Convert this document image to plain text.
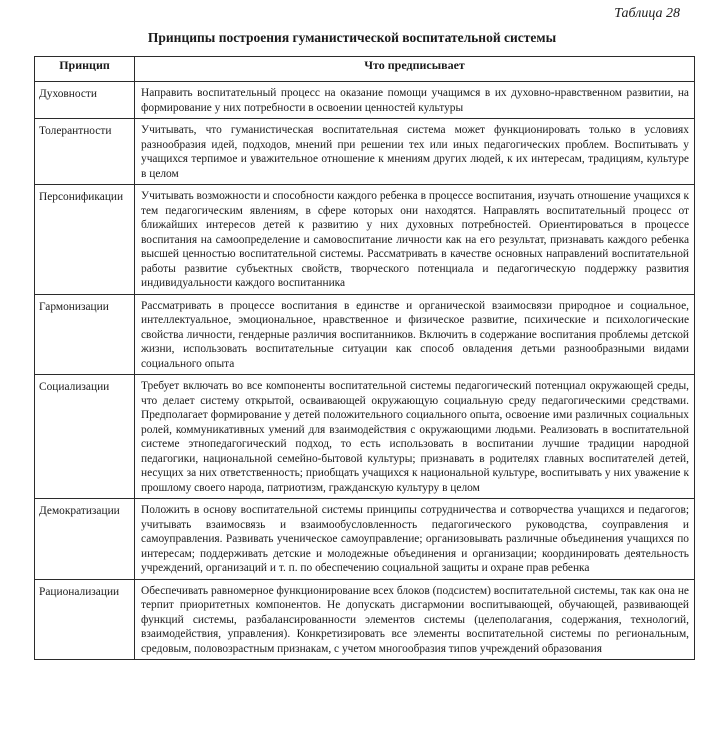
Таблица 28
Принципы построения гуманистической воспитательной системы
Принцип	Что предписывает
Духовности	Направить воспитательный процесс на оказание помощи учащимся в их духовно-нравственном развитии, на формирование у них потребности в освоении ценностей культуры
Толерантности	Учитывать, что гуманистическая воспитательная система может функционировать только в условиях разнообразия идей, подходов, мнений при решении тех или иных педагогических проблем. Воспитывать у учащихся терпимое и уважительное отношение к мнениям других людей, к их интересам, традициям, культуре в целом
Персонификации	Учитывать возможности и способности каждого ребенка в процессе воспитания, изучать отношение учащихся к тем педагогическим явлениям, в сфере которых они находятся. Направлять воспитательный процесс от ближайших интересов детей к развитию у них духовных потребностей. Ориентироваться в процессе воспитания на самоопределение и самовоспитание личности как на его результат, признавать каждого ребенка высшей ценностью воспитательной системы. Рассматривать в качестве основных направлений воспитательной работы развитие субъектных свойств, творческого потенциала и педагогическую поддержку развития индивидуальности каждого воспитанника
Гармонизации	Рассматривать в процессе воспитания в единстве и органической взаимосвязи природное и социальное, интеллектуальное, эмоциональное, нравственное и физическое развитие, психические и психологические свойства личности, гендерные различия воспитанников. Включить в содержание воспитания проблемы детской жизни, использовать воспитательные ситуации как способ овладения детьми разнообразными видами социального опыта
Социализации	Требует включать во все компоненты воспитательной системы педагогический потенциал окружающей среды, что делает систему открытой, осваивающей окружающую социальную среду педагогическими средствами. Предполагает формирование у детей положительного социального опыта, освоение ими различных социальных ролей, коммуникативных умений для взаимодействия с окружающими людьми. Реализовать в воспитательной системе этнопедагогический подход, то есть использовать в воспитании лучшие традиции народной педагогики, национальной семейно-бытовой культуры; признавать в родителях главных воспитателей детей, несущих за них ответственность; приобщать учащихся к национальной культуре, воспитывать у них уважение к прошлому своего народа, патриотизм, гражданскую культуру в целом
Демократизации	Положить в основу воспитательной системы принципы сотрудничества и сотворчества учащихся и педагогов; учитывать взаимосвязь и взаимообусловленность педагогического руководства, соуправления и самоуправления. Развивать ученическое самоуправление; организовывать различные объединения учащихся по интересам; поддерживать детские и молодежные объединения и организации; координировать деятельность учреждений, организаций и т. п. по обеспечению социальной защиты и охране прав ребенка
Рационализации	Обеспечивать равномерное функционирование всех блоков (подсистем) воспитательной системы, так как она не терпит приоритетных компонентов. Не допускать дисгармонии воспитывающей, обучающей, развивающей функций системы, разбалансированности элементов системы (целеполагания, содержания, технологий, взаимодействия, управления). Конкретизировать все элементы воспитательной системы по региональным, средовым, половозрастным признакам, с учетом многообразия типов учреждений образования
